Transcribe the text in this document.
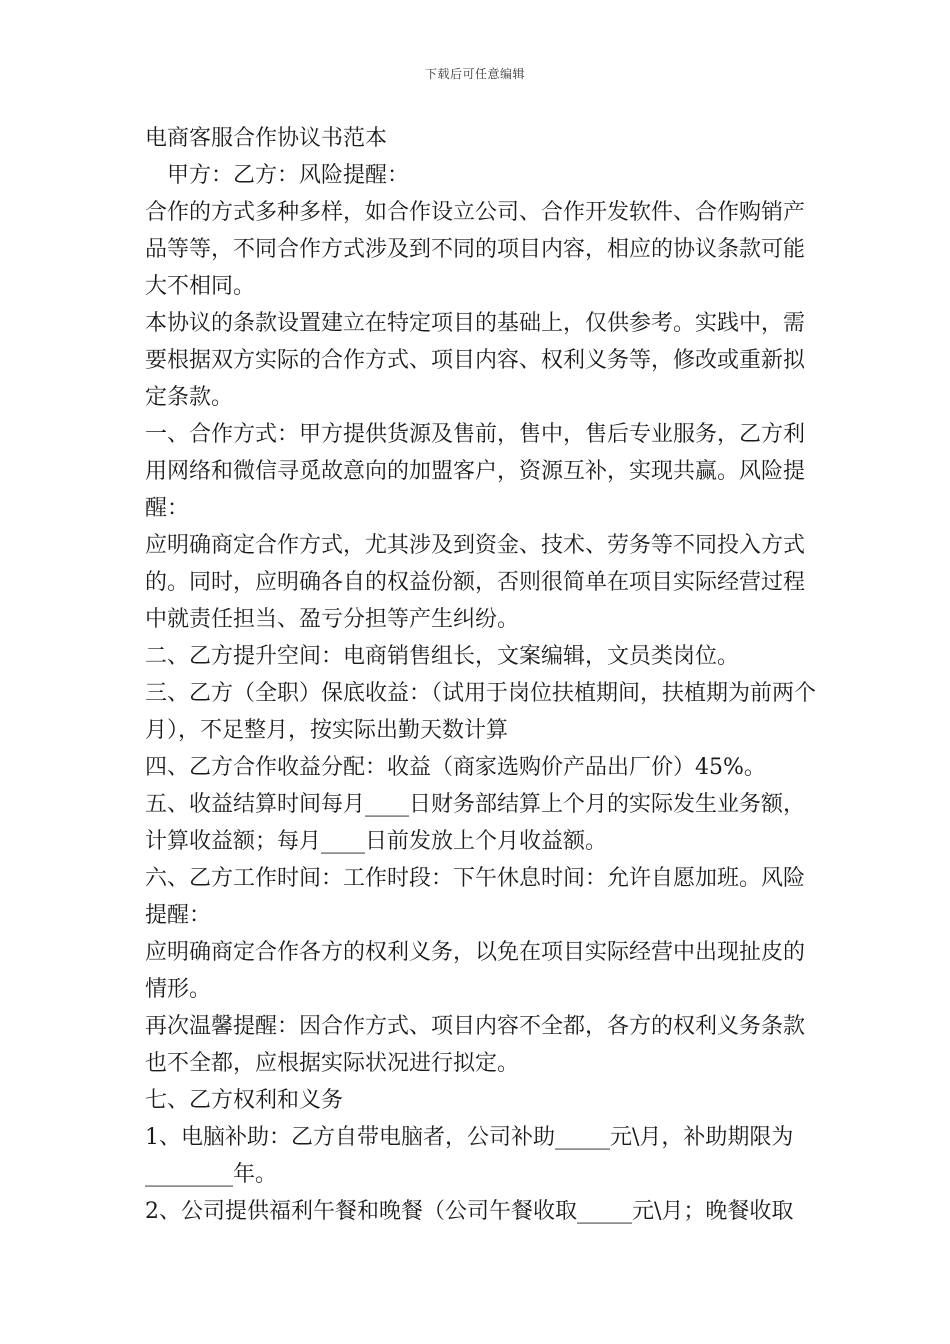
下载后可任意编辑

电商客服合作协议书范本

甲方：乙方：风险提醒：

合作的方式多种多样，如合作设立公司、合作开发软件、合作购销产品等等，不同合作方式涉及到不同的项目内容，相应的协议条款可能大不相同。

本协议的条款设置建立在特定项目的基础上，仅供参考。实践中，需要根据双方实际的合作方式、项目内容、权利义务等，修改或重新拟定条款。

一、合作方式：甲方提供货源及售前，售中，售后专业服务，乙方利用网络和微信寻觅故意向的加盟客户，资源互补，实现共赢。风险提醒：

应明确商定合作方式，尤其涉及到资金、技术、劳务等不同投入方式的。同时，应明确各自的权益份额，否则很简单在项目实际经营过程中就责任担当、盈亏分担等产生纠纷。

二、乙方提升空间：电商销售组长，文案编辑，文员类岗位。

三、乙方（全职）保底收益：（试用于岗位扶植期间，扶植期为前两个月），不足整月，按实际出勤天数计算

四、乙方合作收益分配：收益（商家选购价产品出厂价）45%。

五、收益结算时间每月____日财务部结算上个月的实际发生业务额，计算收益额；每月____日前发放上个月收益额。

六、乙方工作时间：工作时段：下午休息时间：允许自愿加班。风险提醒：

应明确商定合作各方的权利义务，以免在项目实际经营中出现扯皮的情形。

再次温馨提醒：因合作方式、项目内容不全都，各方的权利义务条款也不全都，应根据实际状况进行拟定。

七、乙方权利和义务

1、电脑补助：乙方自带电脑者，公司补助_____元\月，补助期限为________年。

2、公司提供福利午餐和晚餐（公司午餐收取_____元\月；晚餐收取
